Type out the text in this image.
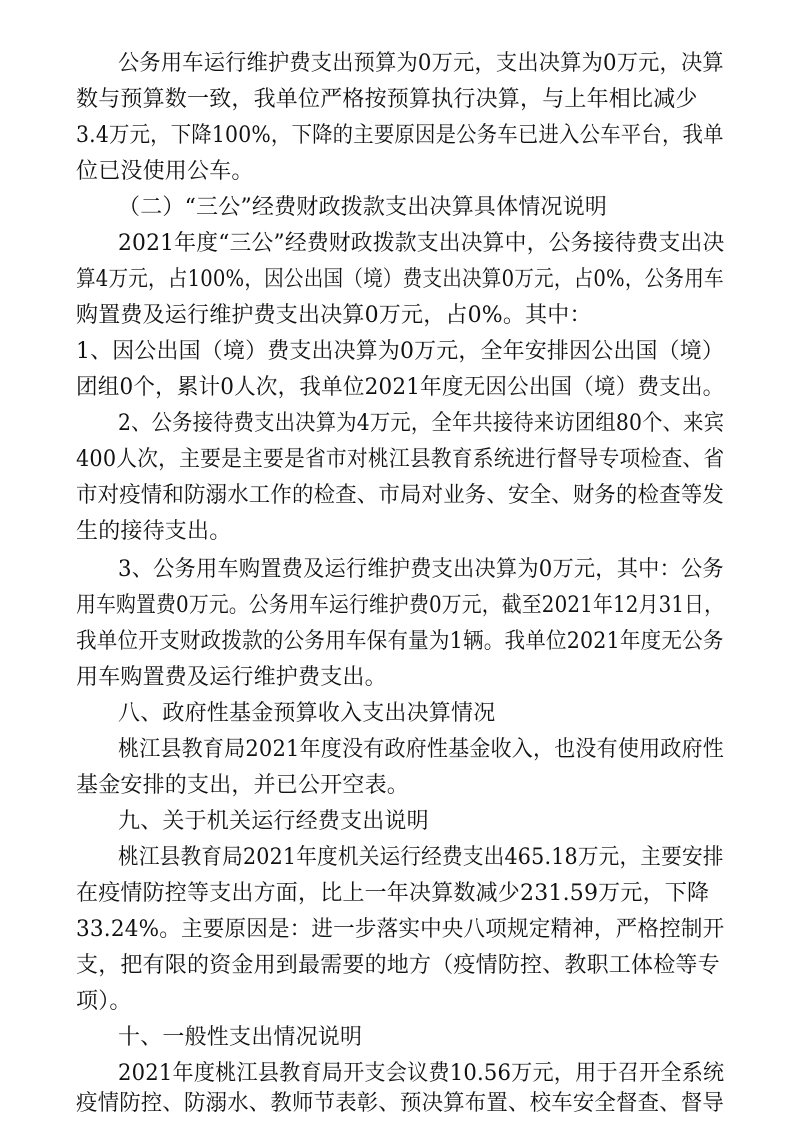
公务用车运行维护费支出预算为0万元，支出决算为0万元，决算
数与预算数一致，我单位严格按预算执行决算，与上年相比减少
3.4万元，下降100%，下降的主要原因是公务车已进入公车平台，我单
位已没使用公车。
（二）“三公”经费财政拨款支出决算具体情况说明
2021年度“三公”经费财政拨款支出决算中，公务接待费支出决
算4万元，占100%，因公出国（境）费支出决算0万元，占0%，公务用车
购置费及运行维护费支出决算0万元，占0%。其中：
1、因公出国（境）费支出决算为0万元，全年安排因公出国（境）
团组0个，累计0人次，我单位2021年度无因公出国（境）费支出。
2、公务接待费支出决算为4万元，全年共接待来访团组80个、来宾
400人次，主要是主要是省市对桃江县教育系统进行督导专项检查、省
市对疫情和防溺水工作的检查、市局对业务、安全、财务的检查等发
生的接待支出。
3、公务用车购置费及运行维护费支出决算为0万元，其中：公务
用车购置费0万元。公务用车运行维护费0万元，截至2021年12月31日，
我单位开支财政拨款的公务用车保有量为1辆。我单位2021年度无公务
用车购置费及运行维护费支出。
八、政府性基金预算收入支出决算情况
桃江县教育局2021年度没有政府性基金收入，也没有使用政府性
基金安排的支出，并已公开空表。
九、关于机关运行经费支出说明
桃江县教育局2021年度机关运行经费支出465.18万元，主要安排
在疫情防控等支出方面，比上一年决算数减少231.59万元，下降
33.24%。主要原因是：进一步落实中央八项规定精神，严格控制开
支，把有限的资金用到最需要的地方（疫情防控、教职工体检等专
项）。
十、一般性支出情况说明
2021年度桃江县教育局开支会议费10.56万元，用于召开全系统
疫情防控、防溺水、教师节表彰、预决算布置、校车安全督查、督导
